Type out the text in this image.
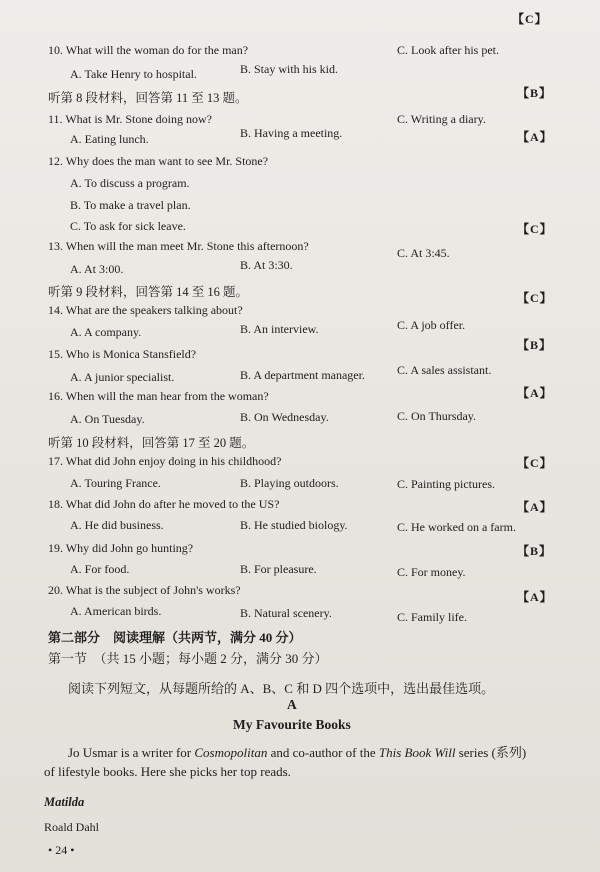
【C】
10. What will the woman do for the man?	C. Look after his pet.
A. Take Henry to hospital.	B. Stay with his kid.
听第 8 段材料，回答第 11 至 13 题。	【B】
11. What is Mr. Stone doing now?	C. Writing a diary.
A. Eating lunch.	B. Having a meeting.	【A】
12. Why does the man want to see Mr. Stone?
A. To discuss a program.
B. To make a travel plan.
C. To ask for sick leave.	【C】
13. When will the man meet Mr. Stone this afternoon?	C. At 3:45.
A. At 3:00.	B. At 3:30.
听第 9 段材料，回答第 14 至 16 题。	【C】
14. What are the speakers talking about?
C. A job offer.
A. A company.	B. An interview.
【B】
15. Who is Monica Stansfield?
A. A junior specialist.	B. A department manager.	C. A sales assistant.
【A】
16. When will the man hear from the woman?
A. On Tuesday.	B. On Wednesday.	C. On Thursday.
听第 10 段材料，回答第 17 至 20 题。
17. What did John enjoy doing in his childhood?	【C】
A. Touring France.	B. Playing outdoors.	C. Painting pictures.
18. What did John do after he moved to the US?	【A】
A. He did business.	B. He studied biology.	C. He worked on a farm.
19. Why did John go hunting?	【B】
A. For food.	B. For pleasure.	C. For money.
20. What is the subject of John's works?	【A】
A. American birds.	B. Natural scenery.	C. Family life.
第二部分　阅读理解（共两节，满分 40 分）
第一节　（共 15 小题；每小题 2 分，满分 30 分）
阅读下列短文，从每题所给的 A、B、C 和 D 四个选项中，选出最佳选项。
A
My Favourite Books
Jo Usmar is a writer for Cosmopolitan and co-author of the This Book Will series (系列)
of lifestyle books. Here she picks her top reads.
Matilda
Roald Dahl
• 24 •
